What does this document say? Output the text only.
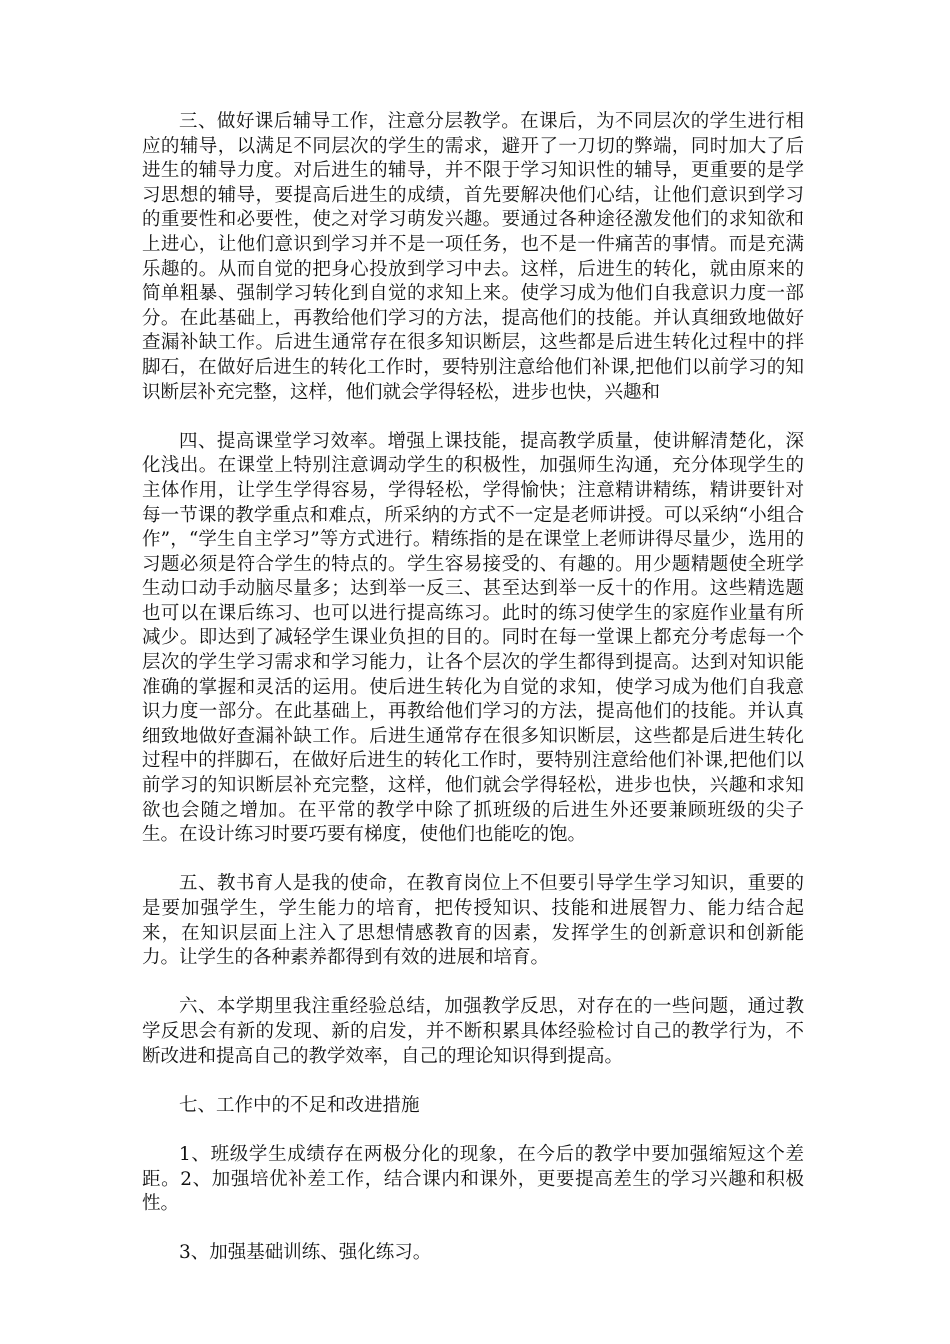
三、做好课后辅导工作，注意分层教学。在课后，为不同层次的学生进行相应的辅导，以满足不同层次的学生的需求，避开了一刀切的弊端，同时加大了后进生的辅导力度。对后进生的辅导，并不限于学习知识性的辅导，更重要的是学习思想的辅导，要提高后进生的成绩，首先要解决他们心结，让他们意识到学习的重要性和必要性，使之对学习萌发兴趣。要通过各种途径激发他们的求知欲和上进心，让他们意识到学习并不是一项任务，也不是一件痛苦的事情。而是充满乐趣的。从而自觉的把身心投放到学习中去。这样，后进生的转化，就由原来的简单粗暴、强制学习转化到自觉的求知上来。使学习成为他们自我意识力度一部分。在此基础上，再教给他们学习的方法，提高他们的技能。并认真细致地做好查漏补缺工作。后进生通常存在很多知识断层，这些都是后进生转化过程中的拌脚石，在做好后进生的转化工作时，要特别注意给他们补课,把他们以前学习的知识断层补充完整，这样，他们就会学得轻松，进步也快，兴趣和

四、提高课堂学习效率。增强上课技能，提高教学质量，使讲解清楚化，深化浅出。在课堂上特别注意调动学生的积极性，加强师生沟通，充分体现学生的主体作用，让学生学得容易，学得轻松，学得愉快；注意精讲精练，精讲要针对每一节课的教学重点和难点，所采纳的方式不一定是老师讲授。可以采纳“小组合作”，“学生自主学习”等方式进行。精练指的是在课堂上老师讲得尽量少，选用的习题必须是符合学生的特点的。学生容易接受的、有趣的。用少题精题使全班学生动口动手动脑尽量多；达到举一反三、甚至达到举一反十的作用。这些精选题也可以在课后练习、也可以进行提高练习。此时的练习使学生的家庭作业量有所减少。即达到了减轻学生课业负担的目的。同时在每一堂课上都充分考虑每一个层次的学生学习需求和学习能力，让各个层次的学生都得到提高。达到对知识能准确的掌握和灵活的运用。使后进生转化为自觉的求知，使学习成为他们自我意识力度一部分。在此基础上，再教给他们学习的方法，提高他们的技能。并认真细致地做好查漏补缺工作。后进生通常存在很多知识断层，这些都是后进生转化过程中的拌脚石，在做好后进生的转化工作时，要特别注意给他们补课,把他们以前学习的知识断层补充完整，这样，他们就会学得轻松，进步也快，兴趣和求知欲也会随之增加。在平常的教学中除了抓班级的后进生外还要兼顾班级的尖子生。在设计练习时要巧要有梯度，使他们也能吃的饱。

五、教书育人是我的使命，在教育岗位上不但要引导学生学习知识，重要的是要加强学生，学生能力的培育，把传授知识、技能和进展智力、能力结合起来，在知识层面上注入了思想情感教育的因素，发挥学生的创新意识和创新能力。让学生的各种素养都得到有效的进展和培育。

六、本学期里我注重经验总结，加强教学反思，对存在的一些问题，通过教学反思会有新的发现、新的启发，并不断积累具体经验检讨自己的教学行为，不断改进和提高自己的教学效率，自己的理论知识得到提高。

七、工作中的不足和改进措施

1、班级学生成绩存在两极分化的现象，在今后的教学中要加强缩短这个差距。2、加强培优补差工作，结合课内和课外，更要提高差生的学习兴趣和积极性。

3、加强基础训练、强化练习。
